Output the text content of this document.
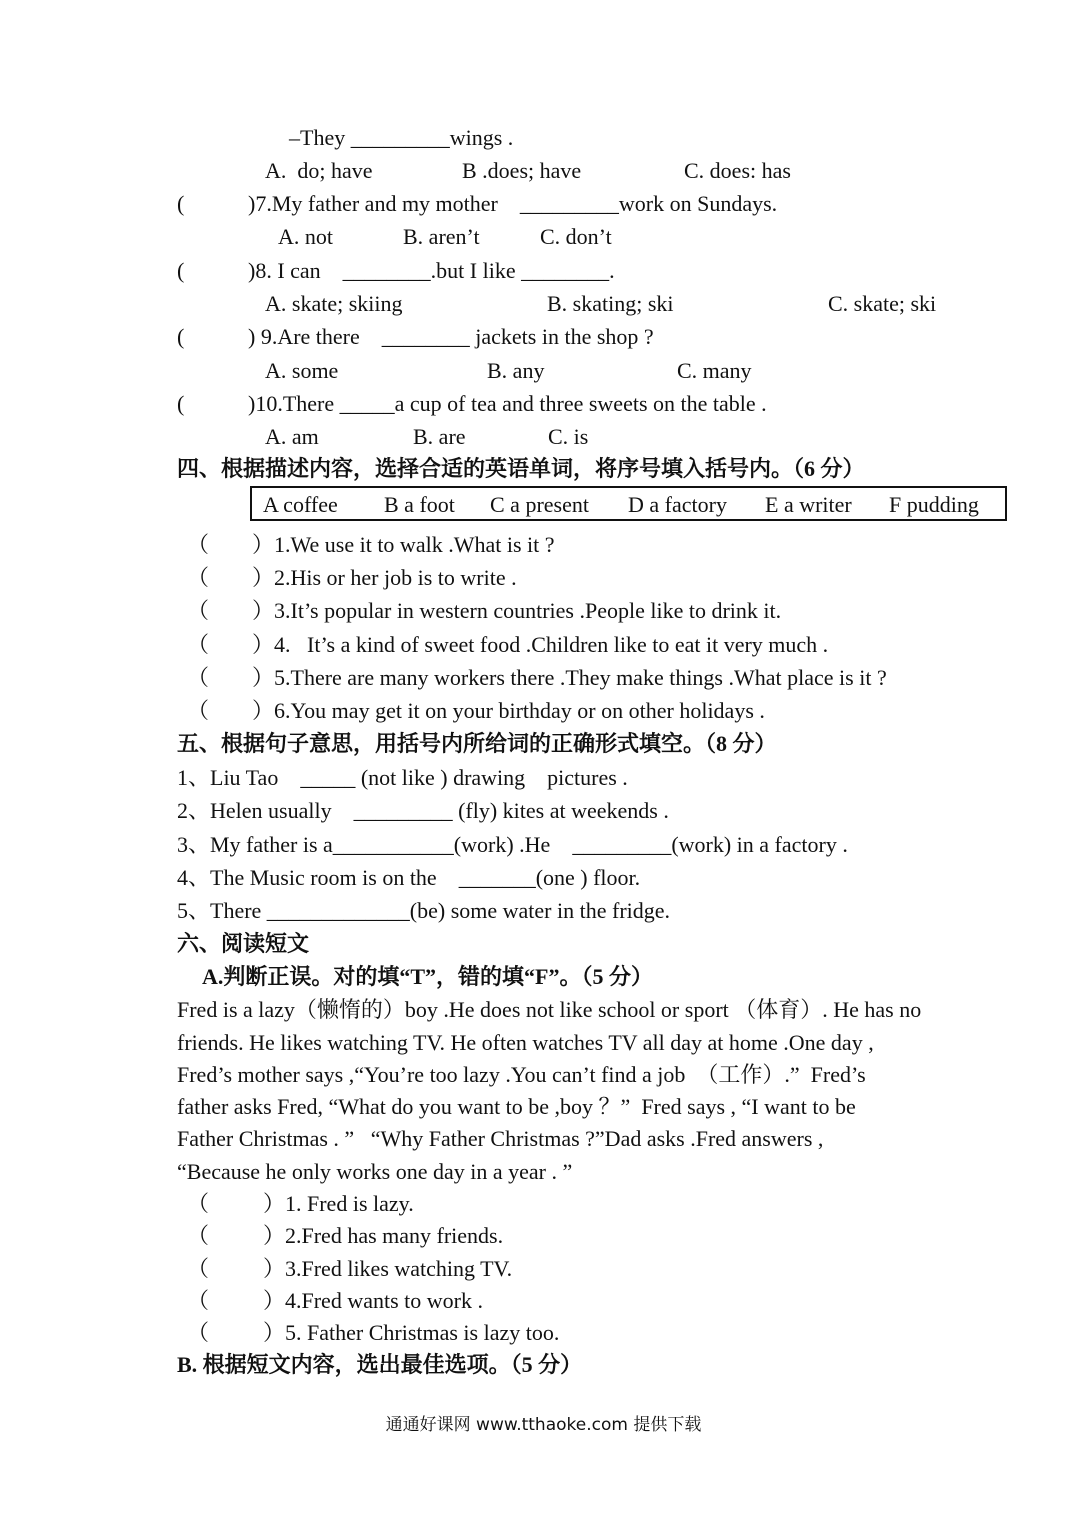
–They _________wings .
A.  do; have	B .does; have	C. does: has
(	)7.My father and my mother    _________work on Sundays.
A. not	B. aren’t	C. don’t
(	)8. I can    ________.but I like ________.
A. skate; skiing	B. skating; ski	C. skate; ski
(	) 9.Are there    ________ jackets in the shop ?
A. some	B. any	C. many
(	)10.There _____a cup of tea and three sweets on the table .
A. am	B. are	C. is
四、根据描述内容，选择合适的英语单词，将序号填入括号内。（6 分）
A coffee B a foot C a present D a factory E a writer F pudding
（ ）1.We use it to walk .What is it ?
（ ）2.His or her job is to write .
（ ）3.It’s popular in western countries .People like to drink it.
（ ）4.   It’s a kind of sweet food .Children like to eat it very much .
（ ）5.There are many workers there .They make things .What place is it ?
（ ）6.You may get it on your birthday or on other holidays .
五、根据句子意思，用括号内所给词的正确形式填空。（8 分）
1、Liu Tao    _____ (not like ) drawing    pictures .
2、Helen usually    _________ (fly) kites at weekends .
3、My father is a___________(work) .He    _________(work) in a factory .
4、The Music room is on the    _______(one ) floor.
5、There _____________(be) some water in the fridge.
六、阅读短文
A.判断正误。对的填“T”，错的填“F”。（5 分）
Fred is a lazy（懒惰的）boy .He does not like school or sport （体育）. He has no
friends. He likes watching TV. He often watches TV all day at home .One day ,
Fred’s mother says ,“You’re too lazy .You can’t find a job  （工作）.”  Fred’s
father asks Fred, “What do you want to be ,boy ？”  Fred says , “I want to be
Father Christmas . ”   “Why Father Christmas ?”Dad asks .Fred answers ,
“Because he only works one day in a year . ”
（ ）1. Fred is lazy.
（ ）2.Fred has many friends.
（ ）3.Fred likes watching TV.
（ ）4.Fred wants to work .
（ ）5. Father Christmas is lazy too.
B. 根据短文内容，选出最佳选项。（5 分）
通通好课网 www.tthaoke.com 提供下载
